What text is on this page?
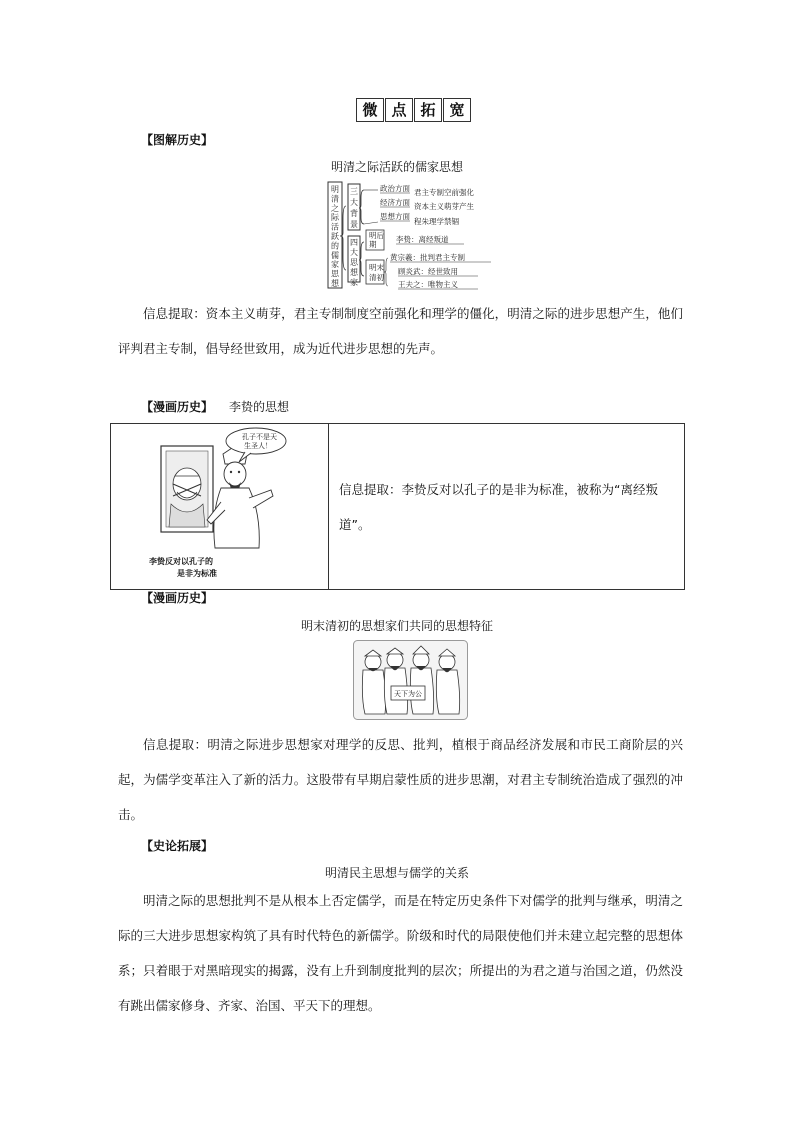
微 点 拓 宽
【图解历史】
明清之际活跃的儒家思想
明清之际活跃的儒家思想
三大背景
政治方面 君主专制空前强化
经济方面 资本主义萌芽产生
思想方面
程朱理学禁锢
四大思想家
明后
期
李贽：离经叛道
明末
清初
黄宗羲：批判君主专制
顾炎武：经世致用
王夫之：唯物主义

信息提取：资本主义萌芽，君主专制制度空前强化和理学的僵化，明清之际的进步思想产生，他们评判君主专制，倡导经世致用，成为近代进步思想的先声。

【漫画历史】 李贽的思想
孔子不是天
生圣人！
李贽反对以孔子的
是非为标准

信息提取：李贽反对以孔子的是非为标准，被称为“离经叛道”。
【漫画历史】
明末清初的思想家们共同的思想特征
天下为公

信息提取：明清之际进步思想家对理学的反思、批判，植根于商品经济发展和市民工商阶层的兴起，为儒学变革注入了新的活力。这股带有早期启蒙性质的进步思潮，对君主专制统治造成了强烈的冲击。

【史论拓展】
明清民主思想与儒学的关系

明清之际的思想批判不是从根本上否定儒学，而是在特定历史条件下对儒学的批判与继承，明清之际的三大进步思想家构筑了具有时代特色的新儒学。阶级和时代的局限使他们并未建立起完整的思想体系；只着眼于对黑暗现实的揭露，没有上升到制度批判的层次；所提出的为君之道与治国之道，仍然没有跳出儒家修身、齐家、治国、平天下的理想。
